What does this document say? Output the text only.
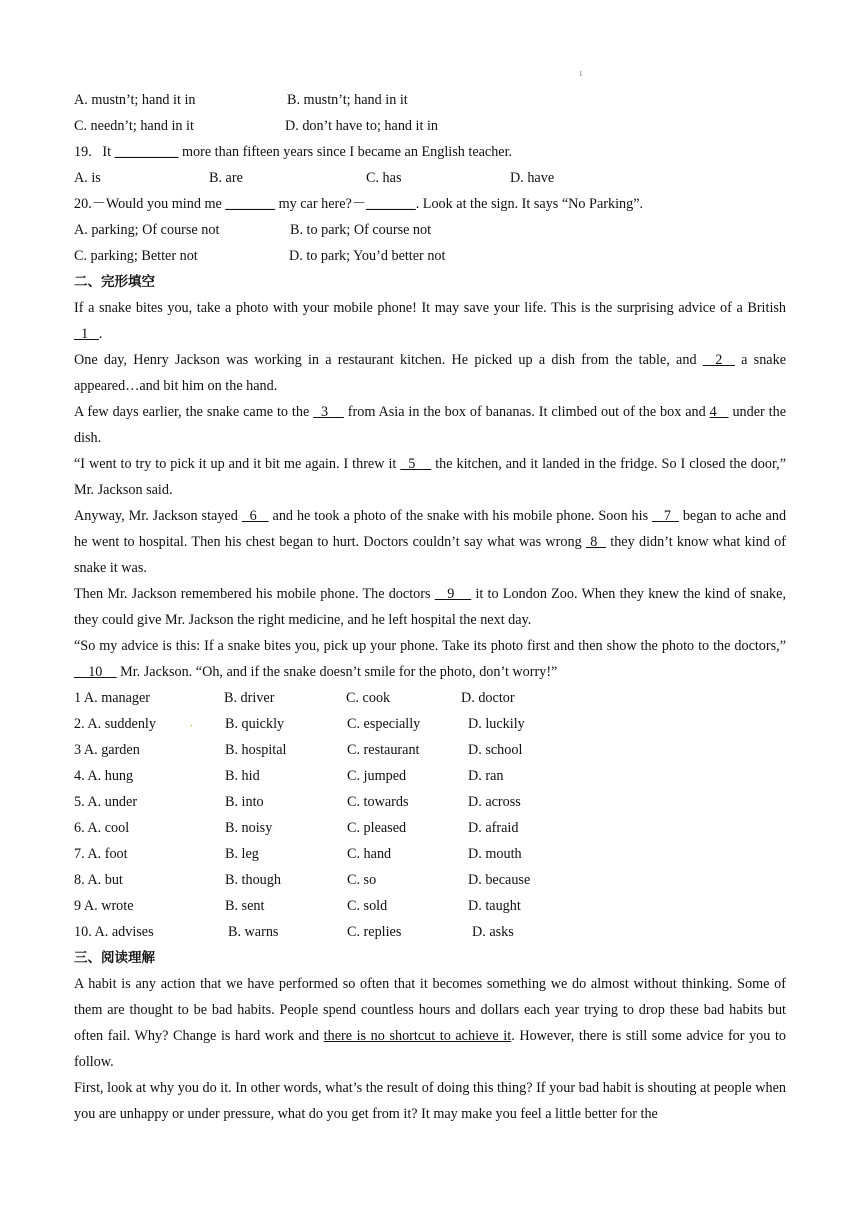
1
A. mustn’t; hand it in	B. mustn’t; hand in it
C. needn’t; hand in it	D. don’t have to; hand it in
19.   It _________ more than fifteen years since I became an English teacher.
A. is	B. are	C. has	D. have
20.－Would you mind me _______ my car here?－_______. Look at the sign. It says “No Parking”.
A. parking; Of course not	B. to park; Of course not
C. parking; Better not	D. to park; You’d better not
二、完形填空
If a snake bites you, take a photo with your mobile phone! It may save your life. This is the surprising advice of a British   1   .
One day, Henry Jackson was working in a restaurant kitchen. He picked up a dish from the table, and   2   a snake appeared…and bit him on the hand.
A few days earlier, the snake came to the   3     from Asia in the box of bananas. It climbed out of the box and 4    under the dish.
“I went to try to pick it up and it bit me again. I threw it   5     the kitchen, and it landed in the fridge. So I closed the door,” Mr. Jackson said.
Anyway, Mr. Jackson stayed   6    and he took a photo of the snake with his mobile phone. Soon his    7   began to ache and he went to hospital. Then his chest began to hurt. Doctors couldn’t say what was wrong  8   they didn’t know what kind of snake it was.
Then Mr. Jackson remembered his mobile phone. The doctors    9     it to London Zoo. When they knew the kind of snake, they could give Mr. Jackson the right medicine, and he left hospital the next day.
“So my advice is this: If a snake bites you, pick up your phone. Take its photo first and then show the photo to the doctors,”    10     Mr. Jackson. “Oh, and if the snake doesn’t smile for the photo, don’t worry!”
1 A. manager	B. driver	C. cook	D. doctor
2. A. suddenly	. B. quickly	C. especially	D. luckily
3 A. garden	B. hospital	C. restaurant	D. school
4. A. hung	B. hid	C. jumped	D. ran
5. A. under	B. into	C. towards	D. across
6. A. cool	B. noisy	C. pleased	D. afraid
7. A. foot	B. leg	C. hand	D. mouth
8. A. but	B. though	C. so	D. because
9 A. wrote	B. sent	C. sold	D. taught
10. A. advises	B. warns	C. replies	D. asks
三、阅读理解
A habit is any action that we have performed so often that it becomes something we do almost without thinking. Some of them are thought to be bad habits. People spend countless hours and dollars each year trying to drop these bad habits but often fail. Why? Change is hard work and there is no shortcut to achieve it. However, there is still some advice for you to follow.
First, look at why you do it. In other words, what’s the result of doing this thing? If your bad habit is shouting at people when you are unhappy or under pressure, what do you get from it? It may make you feel a little better for the
